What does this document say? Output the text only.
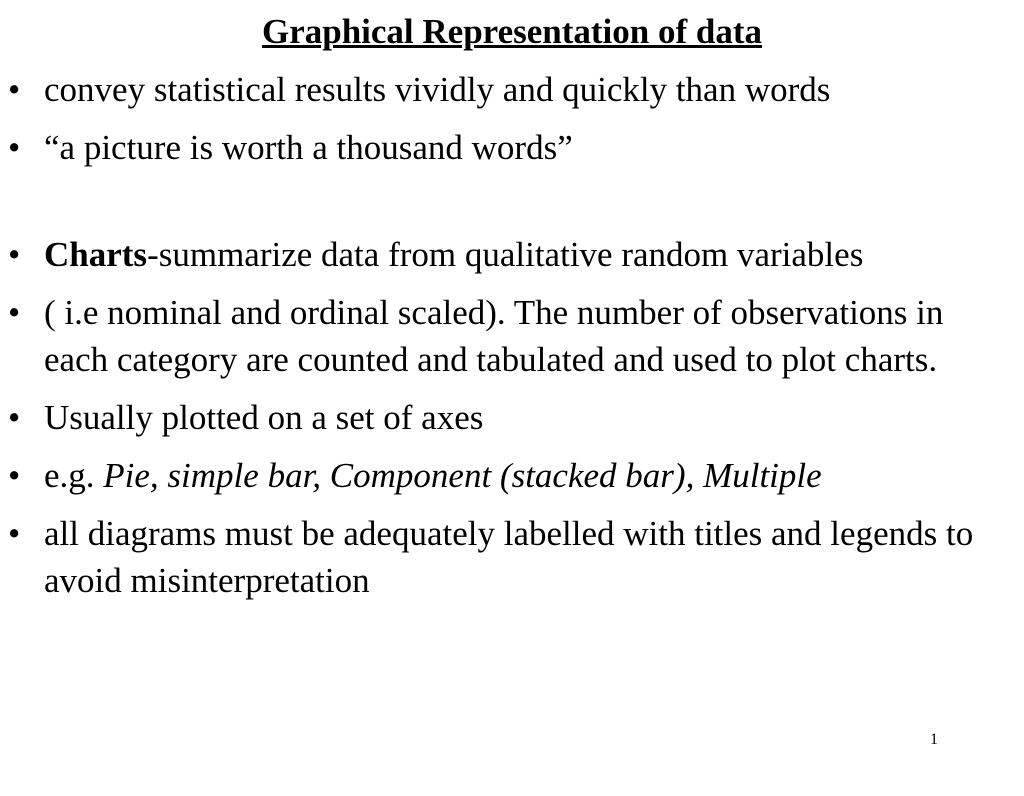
Graphical Representation of data
• convey statistical results vividly and quickly than words
• “a picture is worth a thousand words”
• Charts-summarize data from qualitative random variables
• ( i.e nominal and ordinal scaled). The number of observations in each category are counted and tabulated and used to plot charts.
• Usually plotted on a set of axes
• e.g. Pie, simple bar, Component (stacked bar), Multiple
• all diagrams must be adequately labelled with titles and legends to avoid misinterpretation
1
